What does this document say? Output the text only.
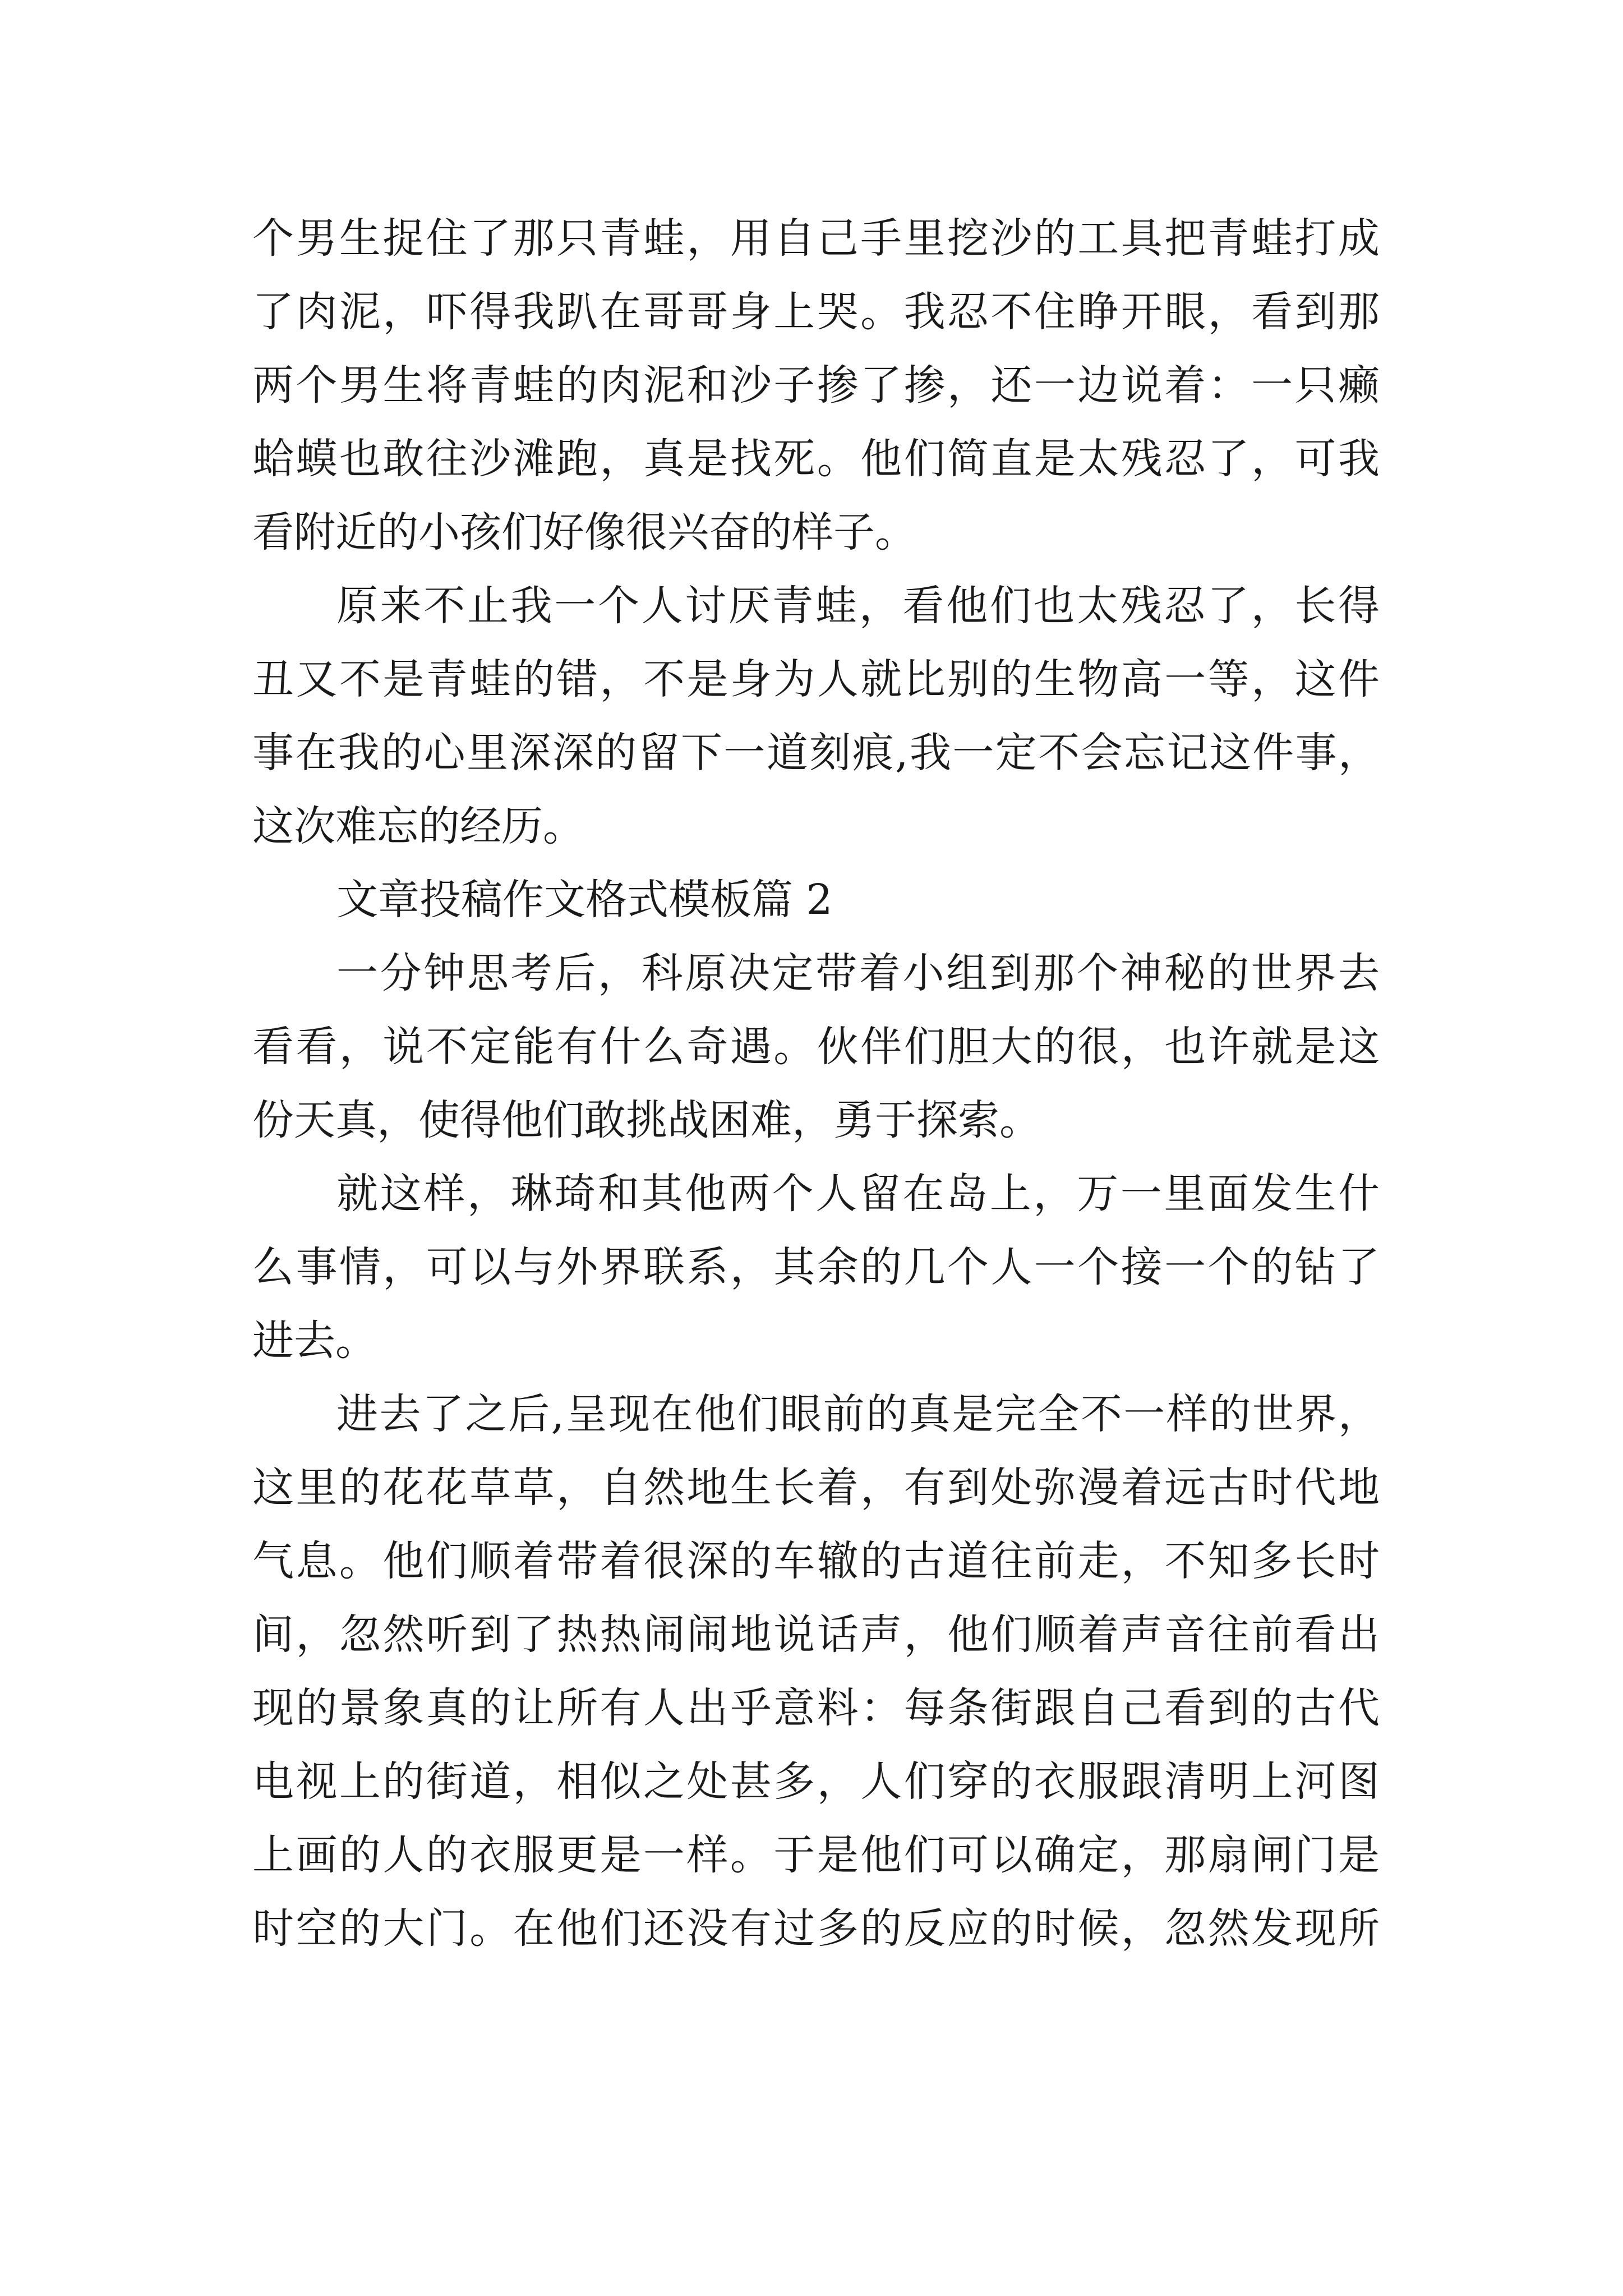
个男生捉住了那只青蛙，用自己手里挖沙的工具把青蛙打成
了肉泥，吓得我趴在哥哥身上哭。我忍不住睁开眼，看到那
两个男生将青蛙的肉泥和沙子掺了掺，还一边说着：一只癞
蛤蟆也敢往沙滩跑，真是找死。他们简直是太残忍了，可我
看附近的小孩们好像很兴奋的样子。
原来不止我一个人讨厌青蛙，看他们也太残忍了，长得
丑又不是青蛙的错，不是身为人就比别的生物高一等，这件
事在我的心里深深的留下一道刻痕,我一定不会忘记这件事，
这次难忘的经历。
文章投稿作文格式模板篇 2
一分钟思考后，科原决定带着小组到那个神秘的世界去
看看，说不定能有什么奇遇。伙伴们胆大的很，也许就是这
份天真，使得他们敢挑战困难，勇于探索。
就这样，琳琦和其他两个人留在岛上，万一里面发生什
么事情，可以与外界联系，其余的几个人一个接一个的钻了
进去。
进去了之后,呈现在他们眼前的真是完全不一样的世界，
这里的花花草草，自然地生长着，有到处弥漫着远古时代地
气息。他们顺着带着很深的车辙的古道往前走，不知多长时
间，忽然听到了热热闹闹地说话声，他们顺着声音往前看出
现的景象真的让所有人出乎意料：每条街跟自己看到的古代
电视上的街道，相似之处甚多，人们穿的衣服跟清明上河图
上画的人的衣服更是一样。于是他们可以确定，那扇闸门是
时空的大门。在他们还没有过多的反应的时候，忽然发现所
